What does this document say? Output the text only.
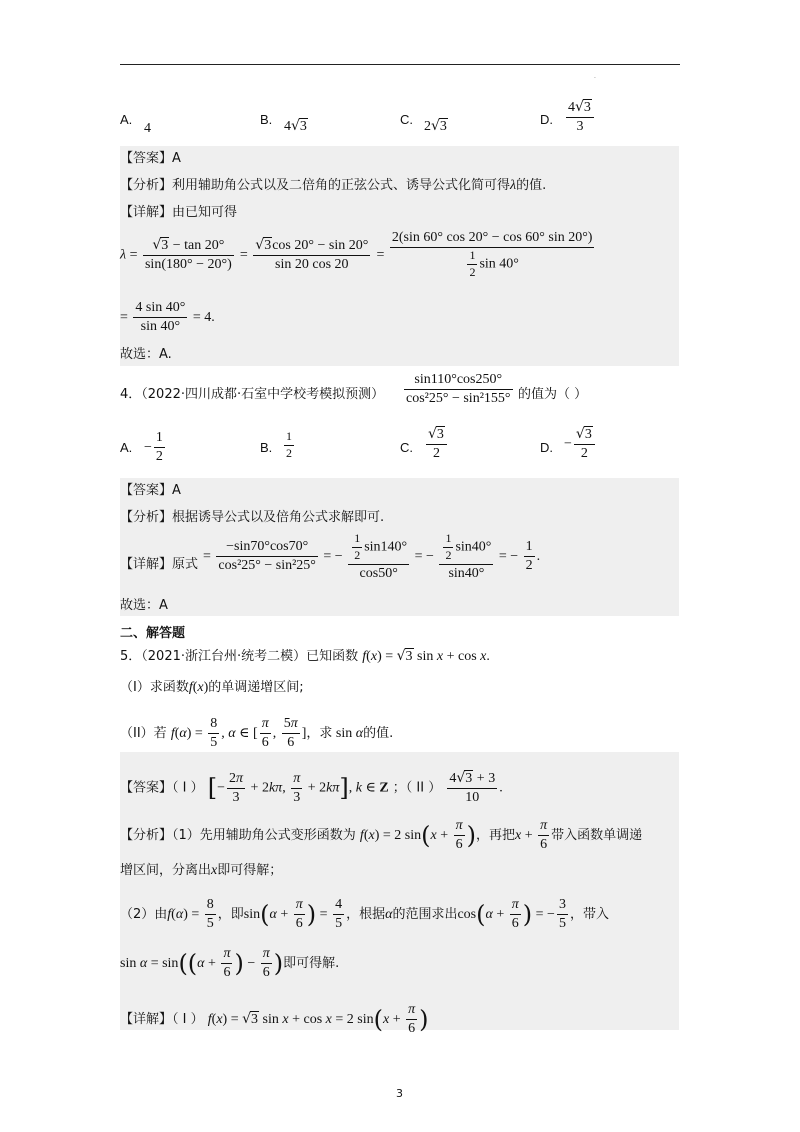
.
A.
4
B. 4√3	C. 2√3	D. $\frac{4√3}{3}$
【答案】A
【分析】利用辅助角公式以及二倍角的正弦公式、诱导公式化简可得λ的值.
【详解】由已知可得
$\lambda = \frac{√3 - \tan 20^\circ}{\sin(180^\circ - 20^\circ)} = \frac{√3\cos 20^\circ - \sin 20^\circ}{\sin 20 \cos 20} = \frac{2(\sin 60^\circ \cos 20^\circ - \cos 60^\circ \sin 20^\circ)}{\frac{1}{2} \sin 40^\circ}$
= $\frac{4 \sin 40^\circ}{\sin 40^\circ} = 4$.
故选：A.
4．（2022·四川成都·石室中学校考模拟预测） $\frac{\sin 110^\circ\cos 250^\circ}{\text{cos²25° − sin²155°}}$ 的值为（ ）
A. − $\frac{1}{2}$	B. $\frac{1}{2}$	C. $\frac{√3}{2}$	D. − $\frac{√3}{2}$
【答案】A
【分析】根据诱导公式以及倍角公式求解即可.
【详解】原式
= $\frac{-\sin 70^\circ\cos 70^\circ}{\text{cos²25° − sin²25°}}$ = − $\frac{\frac{1}{2} \sin 140^\circ}{\cos 50^\circ}$ = − $\frac{\frac{1}{2} \sin 40^\circ}{\sin 40^\circ}$ = − $\frac{1}{2}$ .
故选：A
二、解答题
5．（2021·浙江台州·统考二模）已知函数 f(x) = √3 sin x + cos x.
（I）求函数f(x)的单调递增区间;
（II）若 $f(\alpha) = \frac{8}{5}$ , α ∈ [ $\frac{\pi}{6}$ , $\frac{5\pi}{6}$ ]，求 sin α的值.
【答案】（ I ） [− $\frac{2\pi}{3} + 2k\pi$, $\frac{\pi}{3} + 2k\pi$], k ∈ Z ；（ II ） $\frac{4√3 + 3}{10}$ .
【分析】（1）先用辅助角公式变形函数为 f(x) = 2 $\sin(x + \frac{\pi}{6}$ )，再把$x + \frac{\pi}{6}$ 带入函数单调递
增区间，分离出x即可得解；
（2）由$f(\alpha) = \frac{8}{5}$ ，即$\sin(\alpha + \frac{\pi}{6}$ ) = $\frac{4}{5}$ ，根据α的范围求出$\cos(\alpha + \frac{\pi}{6}$ ) = − $\frac{3}{5}$ ，带入
$\sin \alpha = \sin((\alpha + \frac{\pi}{6}$ ) − $\frac{\pi}{6}$ )即可得解.
【详解】（ I ） f(x) = √3 sin x + cos x = 2 $\sin(x + \frac{\pi}{6}$ )
3
